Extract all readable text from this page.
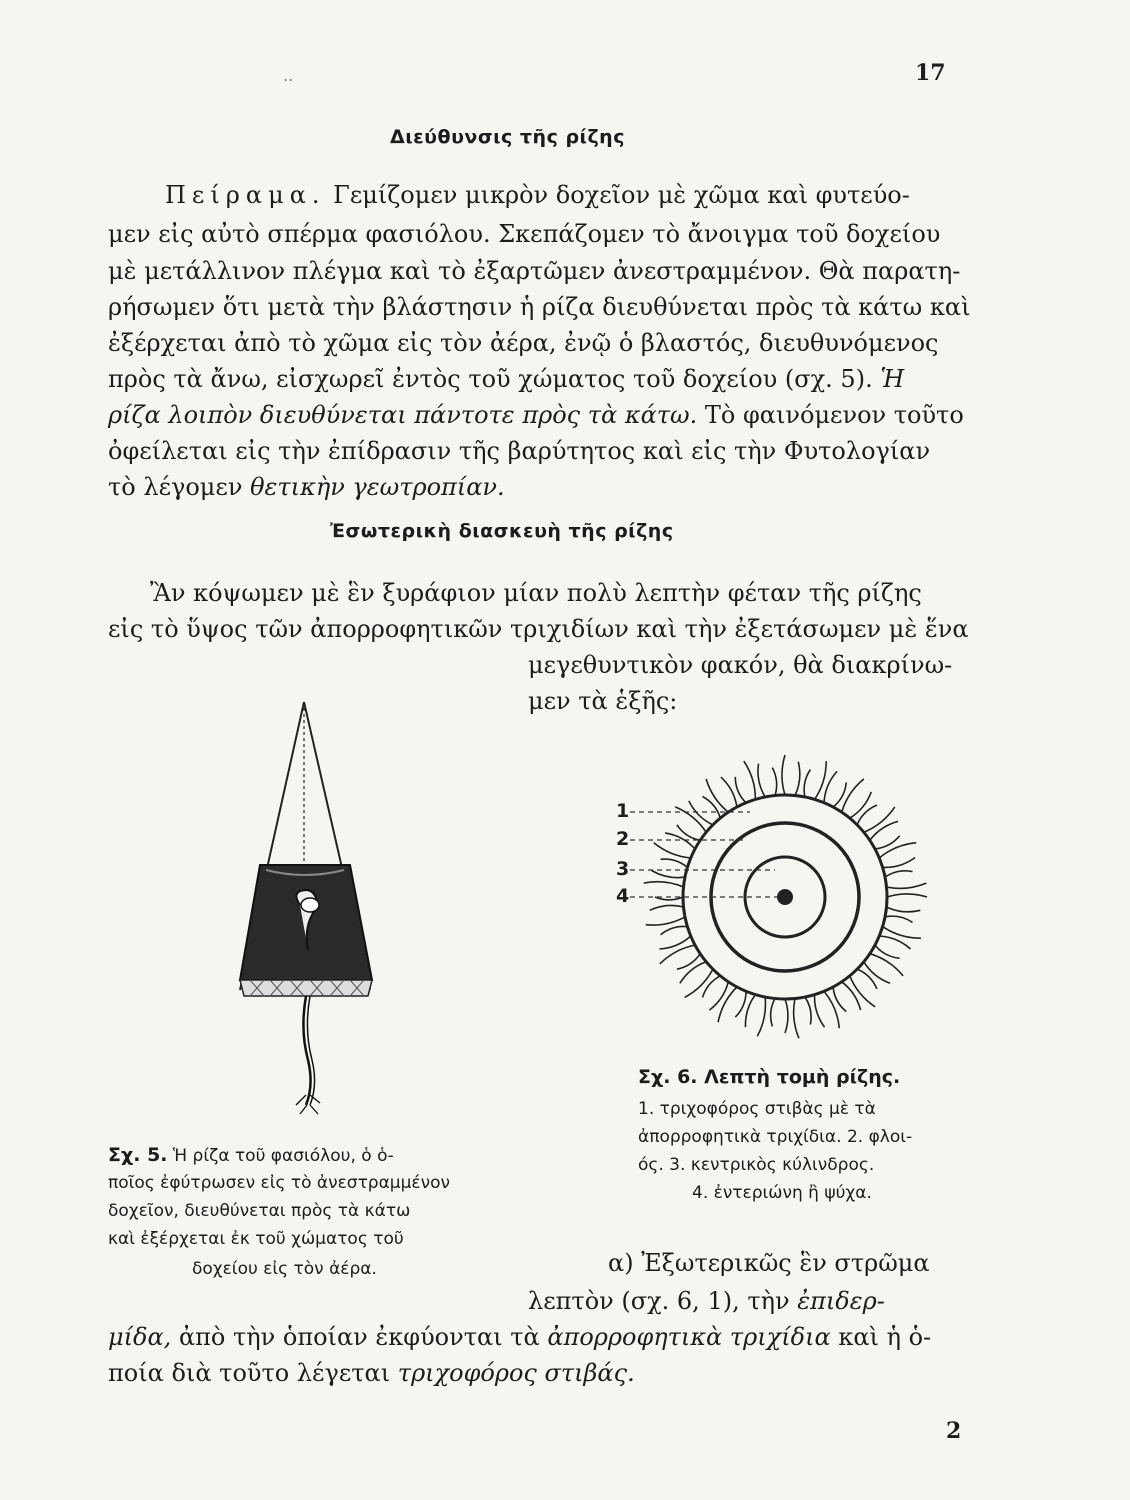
..	17
Διεύθυνσις τῆς ρίζης
Πείραμα. Γεμίζομεν μικρὸν δοχεῖον μὲ χῶμα καὶ φυτεύο-
μεν εἰς αὐτὸ σπέρμα φασιόλου. Σκεπάζομεν τὸ ἄνοιγμα τοῦ δοχείου
μὲ μετάλλινον πλέγμα καὶ τὸ ἐξαρτῶμεν ἀνεστραμμένον. Θὰ παρατη-
ρήσωμεν ὅτι μετὰ τὴν βλάστησιν ἡ ρίζα διευθύνεται πρὸς τὰ κάτω καὶ
ἐξέρχεται ἀπὸ τὸ χῶμα εἰς τὸν ἀέρα, ἐνῷ ὁ βλαστός, διευθυνόμενος
πρὸς τὰ ἄνω, εἰσχωρεῖ ἐντὸς τοῦ χώματος τοῦ δοχείου (σχ. 5). Ἡ
ρίζα λοιπὸν διευθύνεται πάντοτε πρὸς τὰ κάτω. Τὸ φαινόμενον τοῦτο
ὀφείλεται εἰς τὴν ἐπίδρασιν τῆς βαρύτητος καὶ εἰς τὴν Φυτολογίαν
τὸ λέγομεν θετικὴν γεωτροπίαν.
Ἐσωτερικὴ διασκευὴ τῆς ρίζης
Ἂν κόψωμεν μὲ ἓν ξυράφιον μίαν πολὺ λεπτὴν φέταν τῆς ρίζης
εἰς τὸ ὕψος τῶν ἀπορροφητικῶν τριχιδίων καὶ τὴν ἐξετάσωμεν μὲ ἕνα
μεγεθυντικὸν φακόν, θὰ διακρίνω-
μεν τὰ ἑξῆς:
Σχ. 5. Ἡ ρίζα τοῦ φασιόλου, ὁ ὁ-
ποῖος ἐφύτρωσεν εἰς τὸ ἀνεστραμμένον
δοχεῖον, διευθύνεται πρὸς τὰ κάτω
καὶ ἐξέρχεται ἐκ τοῦ χώματος τοῦ
δοχείου εἰς τὸν ἀέρα.
1
2
3
4
Σχ. 6. Λεπτὴ τομὴ ρίζης.
1. τριχοφόρος στιβὰς μὲ τὰ
ἀπορροφητικὰ τριχίδια. 2. φλοι-
ός. 3. κεντρικὸς κύλινδρος.
4. ἐντεριώνη ἢ ψύχα.
α) Ἐξωτερικῶς ἓν στρῶμα
λεπτὸν (σχ. 6, 1), τὴν ἐπιδερ-
μίδα, ἀπὸ τὴν ὁποίαν ἐκφύονται τὰ ἀπορροφητικὰ τριχίδια καὶ ἡ ὁ-
ποία διὰ τοῦτο λέγεται τριχοφόρος στιβάς.
2
